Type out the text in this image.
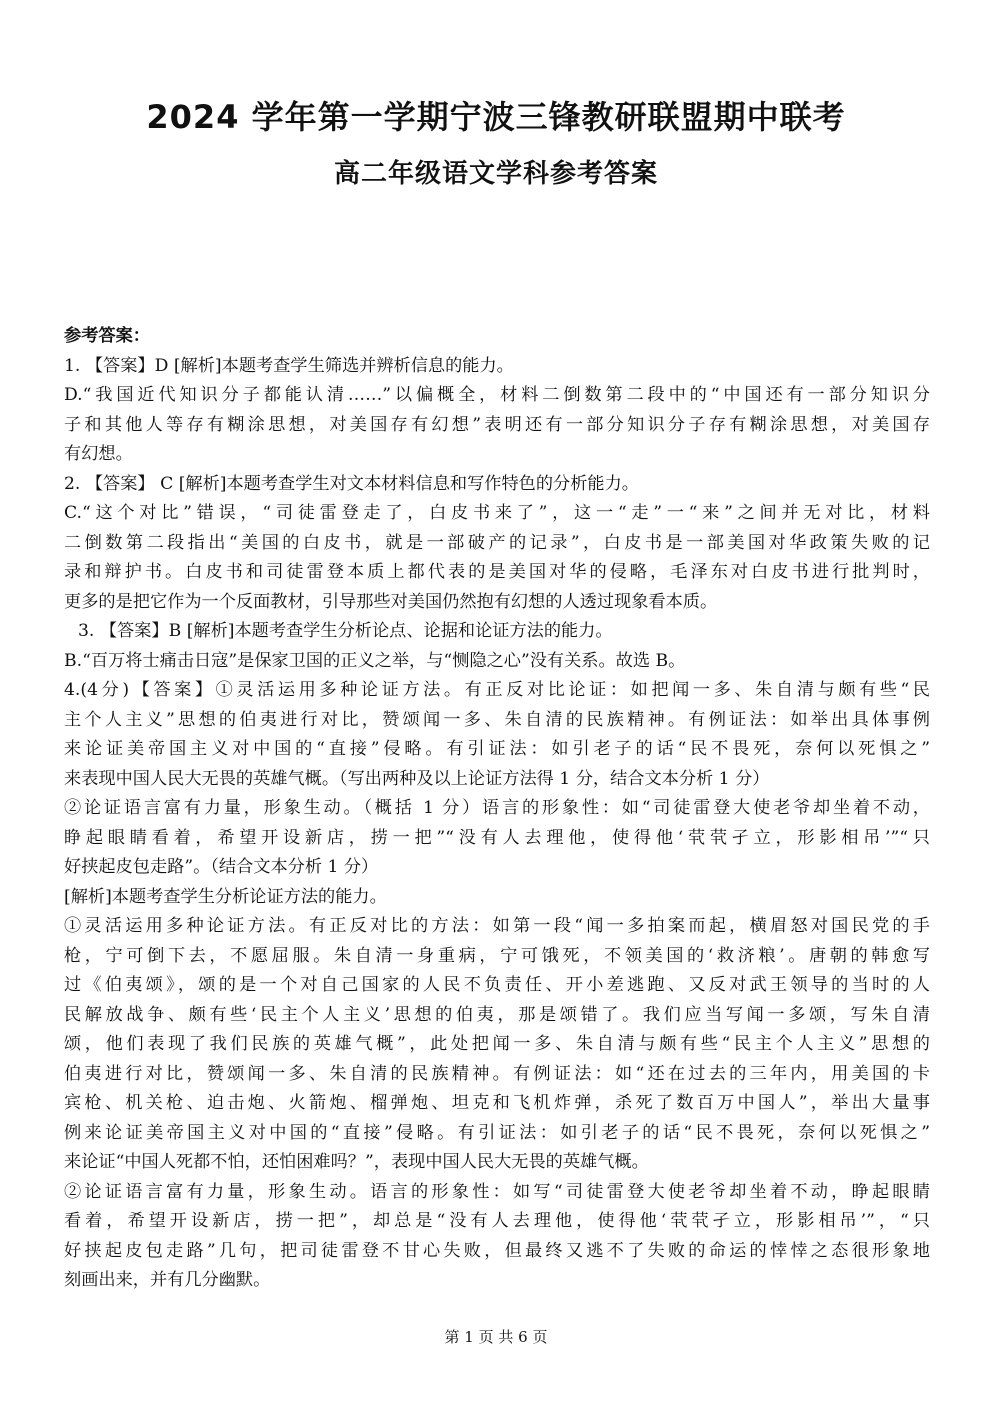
2024 学年第一学期宁波三锋教研联盟期中联考
高二年级语文学科参考答案
参考答案：
1. 【答案】D [解析]本题考查学生筛选并辨析信息的能力。
D.“我国近代知识分子都能认清……”以偏概全，材料二倒数第二段中的“中国还有一部分知识分
子和其他人等存有糊涂思想，对美国存有幻想”表明还有一部分知识分子存有糊涂思想，对美国存
有幻想。
2. 【答案】 C [解析]本题考查学生对文本材料信息和写作特色的分析能力。
C.“这个对比”错误，“司徒雷登走了，白皮书来了”，这一“走”一“来”之间并无对比，材料
二倒数第二段指出“美国的白皮书，就是一部破产的记录”，白皮书是一部美国对华政策失败的记
录和辩护书。白皮书和司徒雷登本质上都代表的是美国对华的侵略，毛泽东对白皮书进行批判时，
更多的是把它作为一个反面教材，引导那些对美国仍然抱有幻想的人透过现象看本质。
3. 【答案】B [解析]本题考查学生分析论点、论据和论证方法的能力。
B.“百万将士痛击日寇”是保家卫国的正义之举，与“恻隐之心”没有关系。故选 B。
4.(4分)【答案】①灵活运用多种论证方法。有正反对比论证：如把闻一多、朱自清与颇有些“民
主个人主义”思想的伯夷进行对比，赞颂闻一多、朱自清的民族精神。有例证法：如举出具体事例
来论证美帝国主义对中国的“直接”侵略。有引证法：如引老子的话“民不畏死，奈何以死惧之”
来表现中国人民大无畏的英雄气概。（写出两种及以上论证方法得 1 分，结合文本分析 1 分）
②论证语言富有力量，形象生动。（概括 1 分）语言的形象性：如“司徒雷登大使老爷却坐着不动，
睁起眼睛看着，希望开设新店，捞一把”“没有人去理他，使得他‘茕茕孑立，形影相吊’”“只
好挟起皮包走路”。（结合文本分析 1 分）
[解析]本题考查学生分析论证方法的能力。
①灵活运用多种论证方法。有正反对比的方法：如第一段“闻一多拍案而起，横眉怒对国民党的手
枪，宁可倒下去，不愿屈服。朱自清一身重病，宁可饿死，不领美国的‘救济粮’。唐朝的韩愈写
过《伯夷颂》，颂的是一个对自己国家的人民不负责任、开小差逃跑、又反对武王领导的当时的人
民解放战争、颇有些‘民主个人主义’思想的伯夷，那是颂错了。我们应当写闻一多颂，写朱自清
颂，他们表现了我们民族的英雄气概”，此处把闻一多、朱自清与颇有些“民主个人主义”思想的
伯夷进行对比，赞颂闻一多、朱自清的民族精神。有例证法：如“还在过去的三年内，用美国的卡
宾枪、机关枪、迫击炮、火箭炮、榴弹炮、坦克和飞机炸弹，杀死了数百万中国人”，举出大量事
例来论证美帝国主义对中国的“直接”侵略。有引证法：如引老子的话“民不畏死，奈何以死惧之”
来论证“中国人死都不怕，还怕困难吗？”，表现中国人民大无畏的英雄气概。
②论证语言富有力量，形象生动。语言的形象性：如写“司徒雷登大使老爷却坐着不动，睁起眼睛
看着，希望开设新店，捞一把”，却总是“没有人去理他，使得他‘茕茕孑立，形影相吊’”，“只
好挟起皮包走路”几句，把司徒雷登不甘心失败，但最终又逃不了失败的命运的悻悻之态很形象地
刻画出来，并有几分幽默。
第 1 页 共 6 页
